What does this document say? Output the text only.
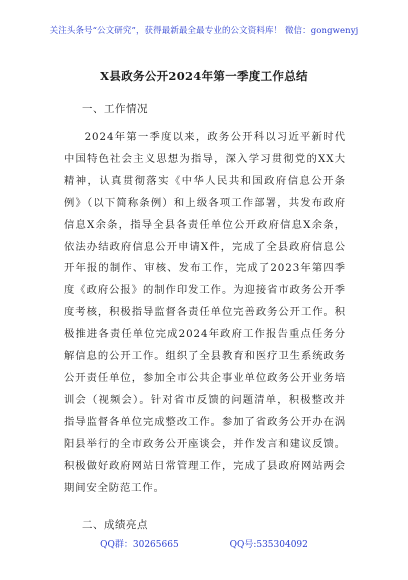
关注头条号“公文研究”，获得最新最全最专业的公文资料库！ 微信：gongwenyj
X县政务公开2024年第一季度工作总结
一、工作情况

2024年第一季度以来，政务公开科以习近平新时代中国特色社会主义思想为指导，深入学习贯彻党的XX大精神，认真贯彻落实《中华人民共和国政府信息公开条例》（以下简称条例）和上级各项工作部署，共发布政府信息X余条，指导全县各责任单位公开政府信息X余条，依法办结政府信息公开申请X件，完成了全县政府信息公开年报的制作、审核、发布工作，完成了2023年第四季度《政府公报》的制作印发工作。为迎接省市政务公开季度考核，积极指导监督各责任单位完善政务公开工作。积极推进各责任单位完成2024年政府工作报告重点任务分解信息的公开工作。组织了全县教育和医疗卫生系统政务公开责任单位，参加全市公共企事业单位政务公开业务培训会（视频会）。针对省市反馈的问题清单，积极整改并指导监督各单位完成整改工作。参加了省政务公开办在涡阳县举行的全市政务公开座谈会，并作发言和建议反馈。积极做好政府网站日常管理工作，完成了县政府网站两会期间安全防范工作。

二、成绩亮点
QQ群：30265665	QQ号:535304092
